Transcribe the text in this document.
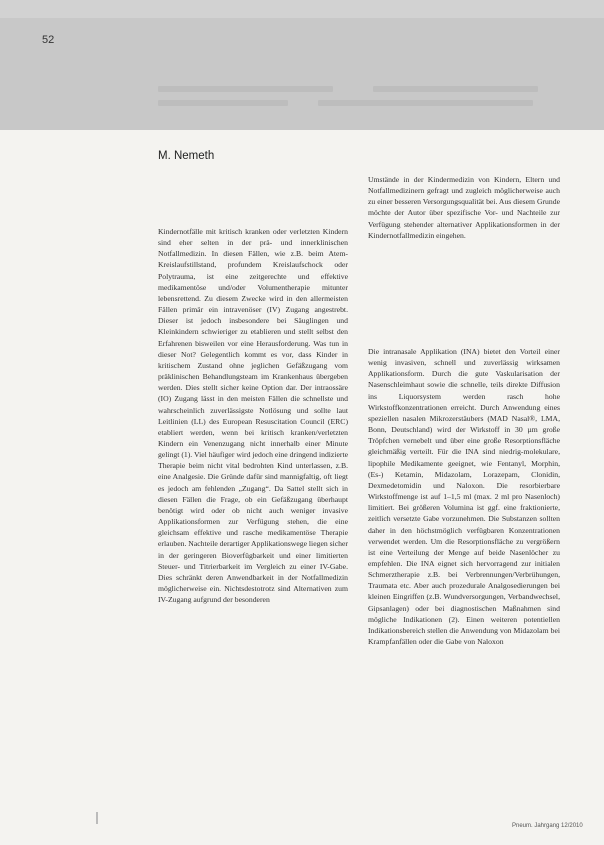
52
M. Nemeth

Kindernotfälle mit kritisch kranken oder verletzten Kindern sind eher selten in der prä- und innerklinischen Notfallmedizin. In diesen Fällen, wie z.B. beim Atem-Kreislaufstillstand, profundem Kreislaufschock oder Polytrauma, ist eine zeitgerechte und effektive medikamentöse und/oder Volumentherapie mitunter lebensrettend. Zu diesem Zwecke wird in den allermeisten Fällen primär ein intravenöser (IV) Zugang angestrebt. Dieser ist jedoch insbesondere bei Säuglingen und Kleinkindern schwieriger zu etablieren und stellt selbst den Erfahrenen bisweilen vor eine Herausforderung. Was tun in dieser Not? Gelegentlich kommt es vor, dass Kinder in kritischem Zustand ohne jeglichen Gefäßzugang vom präklinischen Behandlungsteam im Krankenhaus übergeben werden. Dies stellt sicher keine Option dar. Der intraossäre (IO) Zugang lässt in den meisten Fällen die schnellste und wahrscheinlich zuverlässigste Notlösung und sollte laut Leitlinien (LL) des European Resuscitation Council (ERC) etabliert werden, wenn bei kritisch kranken/verletzten Kindern ein Venenzugang nicht innerhalb einer Minute gelingt (1). Viel häufiger wird jedoch eine dringend indizierte Therapie beim nicht vital bedrohten Kind unterlassen, z.B. eine Analgesie. Die Gründe dafür sind mannigfaltig, oft liegt es jedoch am fehlenden „Zugang“. Da Sattel stellt sich in diesen Fällen die Frage, ob ein Gefäßzugang überhaupt benötigt wird oder ob nicht auch weniger invasive Applikationsformen zur Verfügung stehen, die eine gleichsam effektive und rasche medikamentöse Therapie erlauben. Nachteile derartiger Applikationswege liegen sicher in der geringeren Bioverfügbarkeit und einer limitierten Steuer- und Titrierbarkeit im Vergleich zu einer IV-Gabe. Dies schränkt deren Anwendbarkeit in der Notfallmedizin möglicherweise ein. Nichtsdestotrotz sind Alternativen zum IV-Zugang aufgrund der besonderen

Umstände in der Kindermedizin von Kindern, Eltern und Notfallmedizinern gefragt und zugleich möglicherweise auch zu einer besseren Versorgungsqualität bei. Aus diesem Grunde möchte der Autor über spezifische Vor- und Nachteile zur Verfügung stehender alternativer Applikationsformen in der Kindernotfallmedizin eingehen.

Die intranasale Applikation (INA) bietet den Vorteil einer wenig invasiven, schnell und zuverlässig wirksamen Applikationsform. Durch die gute Vaskularisation der Nasenschleimhaut sowie die schnelle, teils direkte Diffusion ins Liquorsystem werden rasch hohe Wirkstoffkonzentrationen erreicht. Durch Anwendung eines speziellen nasalen Mikrozerstäubers (MAD Nasal®, LMA, Bonn, Deutschland) wird der Wirkstoff in 30 µm große Tröpfchen vernebelt und über eine große Resorptionsfläche gleichmäßig verteilt. Für die INA sind niedrig-molekulare, lipophile Medikamente geeignet, wie Fentanyl, Morphin, (Es-) Ketamin, Midazolam, Lorazepam, Clonidin, Dexmedetomidin und Naloxon. Die resorbierbare Wirkstoffmenge ist auf 1–1,5 ml (max. 2 ml pro Nasenloch) limitiert. Bei größeren Volumina ist ggf. eine fraktionierte, zeitlich versetzte Gabe vorzunehmen. Die Substanzen sollten daher in den höchstmöglich verfügbaren Konzentrationen verwendet werden. Um die Resorptionsfläche zu vergrößern ist eine Verteilung der Menge auf beide Nasenlöcher zu empfehlen. Die INA eignet sich hervorragend zur initialen Schmerztherapie z.B. bei Verbrennungen/Verbrühungen, Traumata etc. Aber auch prozedurale Analgosedierungen bei kleinen Eingriffen (z.B. Wundversorgungen, Verbandwechsel, Gipsanlagen) oder bei diagnostischen Maßnahmen sind mögliche Indikationen (2). Einen weiteren potentiellen Indikationsbereich stellen die Anwendung von Midazolam bei Krampfanfällen oder die Gabe von Naloxon

Pneum. Jahrgang 12/2010
